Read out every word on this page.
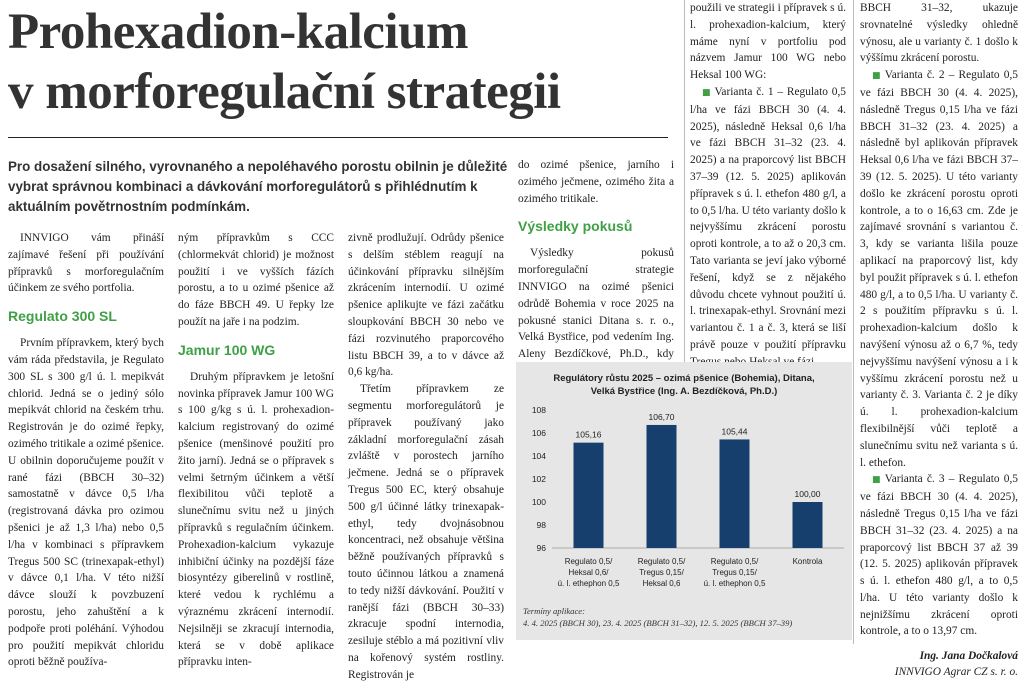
Prohexadion-kalcium
v morforegulační strategii

Pro dosažení silného, vyrovnaného a nepoléhavého porostu obilnin je důležité vybrat správnou kombinaci a dávkování morforegulátorů s přihlédnutím k aktuálním povětrnostním podmínkám.

INNVIGO vám přináší zajímavé řešení při používání přípravků s morforegulačním účinkem ze svého portfolia.

Regulato 300 SL

Prvním přípravkem, který bych vám ráda představila, je Regulato 300 SL s 300 g/l ú. l. mepikvát chlorid. Jedná se o jediný sólo mepikvát chlorid na českém trhu. Registrován je do ozimé řepky, ozimého tritikale a ozimé pšenice. U obilnin doporučujeme použít v rané fázi (BBCH 30–32) samostatně v dávce 0,5 l/ha (registrovaná dávka pro ozimou pšenici je až 1,3 l/ha) nebo 0,5 l/ha v kombinaci s přípravkem Tregus 500 SC (trinexapak-ethyl) v dávce 0,1 l/ha. V této nižší dávce slouží k povzbuzení porostu, jeho zahuštění a k podpoře proti poléhání. Výhodou pro použití mepikvát chloridu oproti běžně používa-

ným přípravkům s CCC (chlormekvát chlorid) je možnost použití i ve vyšších fázích porostu, a to u ozimé pšenice až do fáze BBCH 49. U řepky lze použít na jaře i na podzim.

Jamur 100 WG

Druhým přípravkem je letošní novinka přípravek Jamur 100 WG s 100 g/kg s ú. l. prohexadion-kalcium registrovaný do ozimé pšenice (menšinové použití pro žito jarní). Jedná se o přípravek s velmi šetrným účinkem a větší flexibilitou vůči teplotě a slunečnímu svitu než u jiných přípravků s regulačním účinkem. Prohexadion-kalcium vykazuje inhibiční účinky na pozdější fáze biosyntézy giberelinů v rostlině, které vedou k rychlému a výraznému zkrácení internodií. Nejsilněji se zkracují internodia, která se v době aplikace přípravku inten-

zivně prodlužují. Odrůdy pšenice s delším stéblem reagují na účinkování přípravku silnějším zkrácením internodií. U ozimé pšenice aplikujte ve fázi začátku sloupkování BBCH 30 nebo ve fázi rozvinutého praporcového listu BBCH 39, a to v dávce až 0,6 kg/ha.

Třetím přípravkem ze segmentu morforegulátorů je přípravek používaný jako základní morforegulační zásah zvláště v porostech jarního ječmene. Jedná se o přípravek Tregus 500 EC, který obsahuje 500 g/l účinné látky trinexapak-ethyl, tedy dvojnásobnou koncentraci, než obsahuje většina běžně používaných přípravků s touto účinnou látkou a znamená to tedy nižší dávkování. Použití v ranější fázi (BBCH 30–33) zkracuje spodní internodia, zesiluje stéblo a má pozitivní vliv na kořenový systém rostliny. Registrován je

do ozimé pšenice, jarního i ozimého ječmene, ozimého žita a ozimého tritikale.

Výsledky pokusů

Výsledky pokusů morforegulační strategie INNVIGO na ozimé pšenici odrůdě Bohemia v roce 2025 na pokusné stanici Ditana s. r. o., Velká Bystřice, pod vedením Ing. Aleny Bezdíčkové, Ph.D., kdy

použili ve strategii i přípravek s ú. l. prohexadion-kalcium, který máme nyní v portfoliu pod názvem Jamur 100 WG nebo Heksal 100 WG:

■ Varianta č. 1 – Regulato 0,5 l/ha ve fázi BBCH 30 (4. 4. 2025), následně Heksal 0,6 l/ha ve fázi BBCH 31–32 (23. 4. 2025) a na praporcový list BBCH 37–39 (12. 5. 2025) aplikován přípravek s ú. l. ethefon 480 g/l, a to 0,5 l/ha. U této varianty došlo k nejvyššímu zkrácení porostu oproti kontrole, a to až o 20,3 cm. Tato varianta se jeví jako výborné řešení, když se z nějakého důvodu chcete vyhnout použití ú. l. trinexapak-ethyl. Srovnání mezi variantou č. 1 a č. 3, která se liší právě pouze v použití přípravku

BBCH 31–32, ukazuje srovnatelné výsledky ohledně výnosu, ale u varianty č. 1 došlo k výššímu zkrácení porostu.

■ Varianta č. 2 – Regulato 0,5 ve fázi BBCH 30 (4. 4. 2025), následně Tregus 0,15 l/ha ve fázi BBCH 31–32 (23. 4. 2025) a následně byl aplikován přípravek Heksal 0,6 l/ha ve fázi BBCH 37–39 (12. 5. 2025). U této varianty došlo ke zkrácení porostu oproti kontrole, a to o 16,63 cm. Zde je zajímavé srovnání s variantou č. 3, kdy se varianta lišila pouze aplikací na praporcový list, kdy byl použit přípravek s ú. l. ethefon 480 g/l, a to 0,5 l/ha. U varianty č. 2 s použitím přípravku s ú. l. prohexadion-kalcium došlo k navýšení výnosu až o 6,7 %, tedy nejvyššímu navýšení výnosu a i k vyššímu zkrácení porostu než u varianty č. 3. Varianta č. 2 je díky ú. l. prohexadion-kalcium flexibilnější vůči teplotě a slunečnímu svitu než varianta s ú. l. ethefon.

■ Varianta č. 3 – Regulato 0,5 ve fázi BBCH 30 (4. 4. 2025), následně Tregus 0,15 l/ha ve fázi BBCH 31–32 (23. 4. 2025) a na praporcový list BBCH 37 až 39 (12. 5. 2025) aplikován přípravek s ú. l. ethefon 480 g/l, a to 0,5 l/ha. U této varianty došlo k nejnižšímu zkrácení oproti kontrole, a to o 13,97 cm.

Ing. Jana Dočkalová
INNVIGO Agrar CZ s. r. o.

Regulátory růstu 2025 – ozimá pšenice (Bohemia), Ditana,
Velká Bystřice (Ing. A. Bezdíčková, Ph.D.)
96
98
100
102
104
106
108
105,16
Regulato 0,5/
Heksal 0,6/
ú. l. ethephon 0,5
106,70
Regulato 0,5/
Tregus 0,15/
Heksal 0,6
105,44
Regulato 0,5/
Tregus 0,15/
ú. l. ethephon 0,5
100,00
Kontrola
Termíny aplikace:
4. 4. 2025 (BBCH 30), 23. 4. 2025 (BBCH 31–32), 12. 5. 2025 (BBCH 37–39)
